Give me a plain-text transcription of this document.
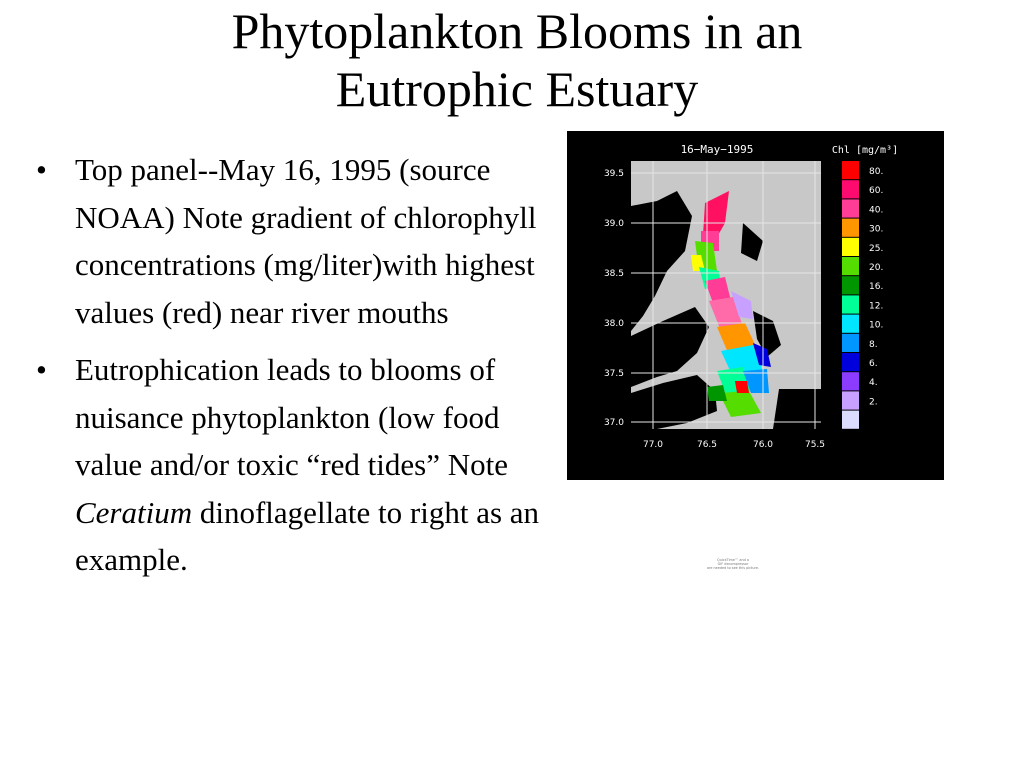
Phytoplankton Blooms in an
Eutrophic Estuary
• Top panel--May 16, 1995 (source NOAA) Note gradient of chlorophyll concentrations (mg/liter)with highest values (red) near river mouths
• Eutrophication leads to blooms of nuisance phytoplankton (low food value and/or toxic “red tides” Note Ceratium dinoflagellate to right as an example.
16−May−1995	Chl [mg/m³]
39.5
39.0
38.5
38.0
37.5
37.0
77.0	76.5	76.0	75.5
80.
60.
40.
30.
25.
20.
16.
12.
10.
8.
6.
4.
2.
QuickTime™ and a
GIF decompressor
are needed to see this picture.
